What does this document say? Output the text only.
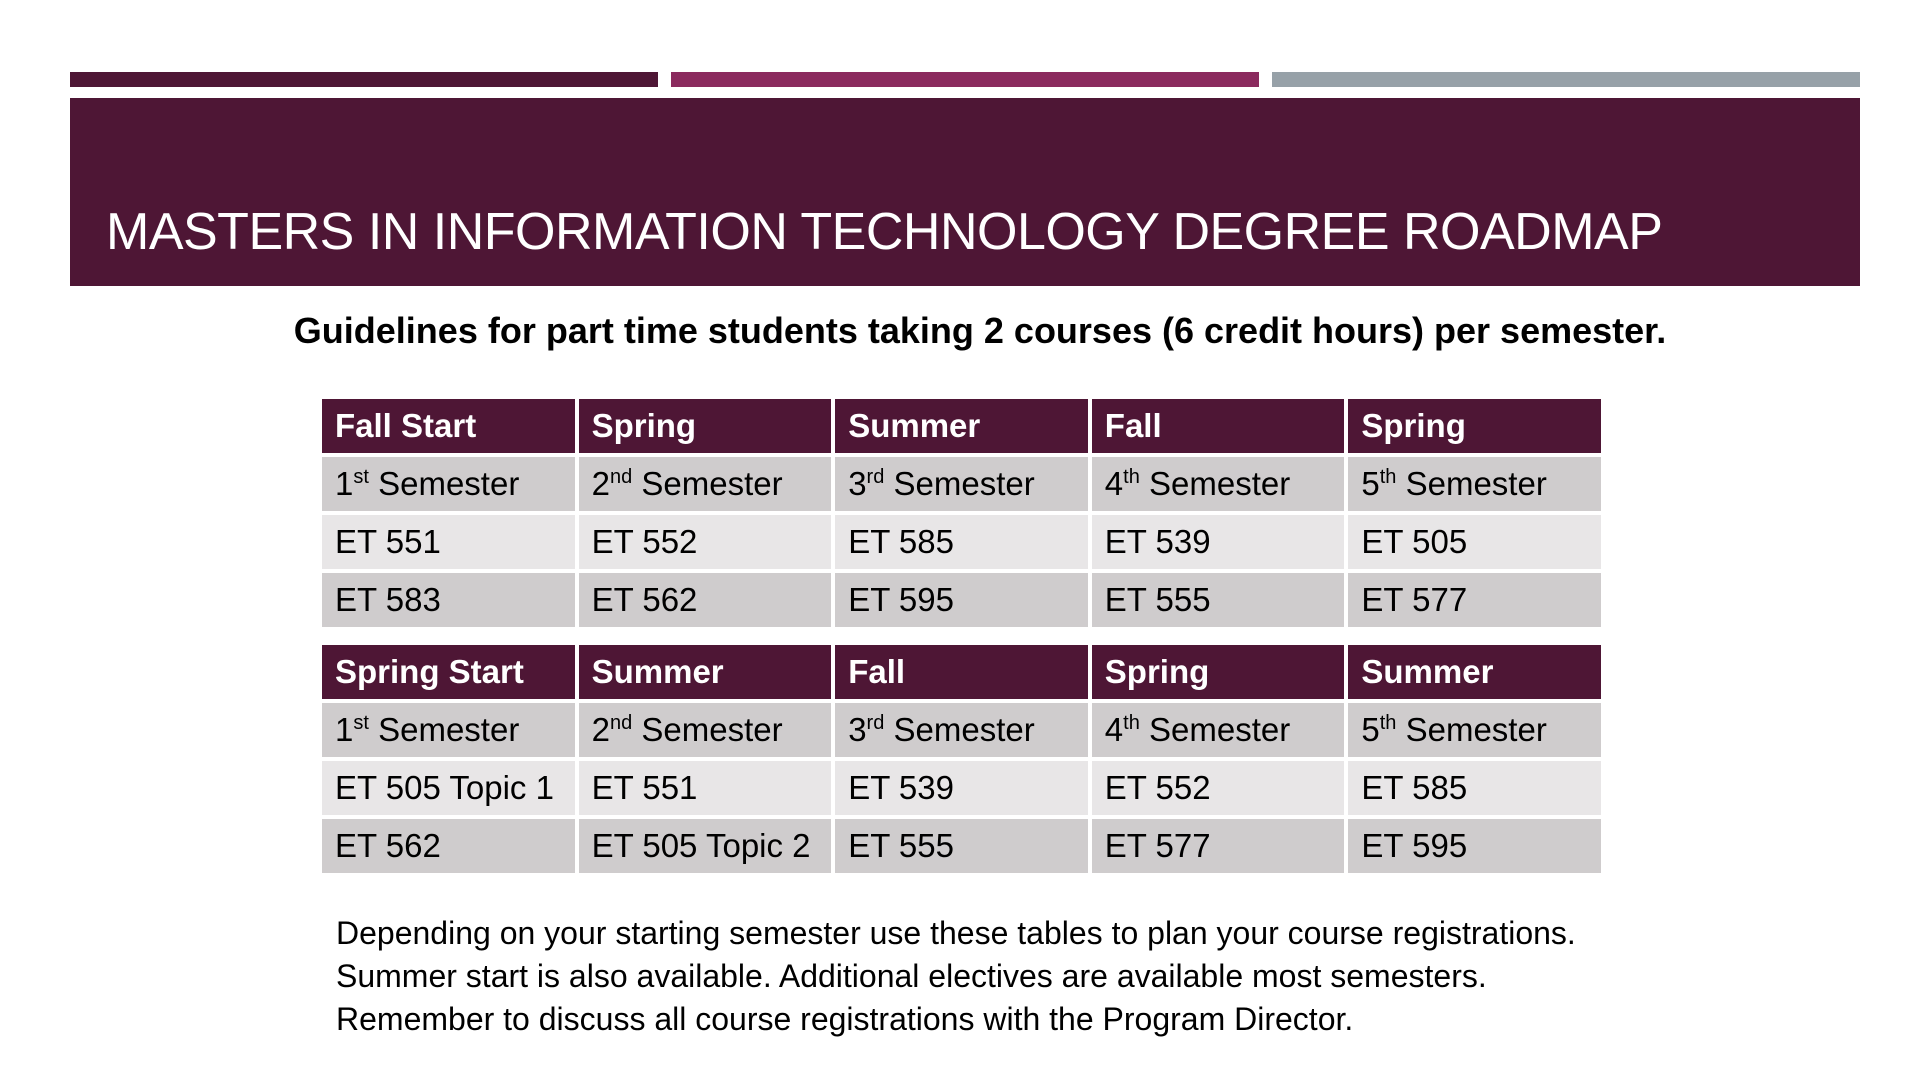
MASTERS IN INFORMATION TECHNOLOGY DEGREE ROADMAP

Guidelines for part time students taking 2 courses (6 credit hours) per semester.

Fall Start	Spring	Summer	Fall	Spring
1st Semester	2nd Semester	3rd Semester	4th Semester	5th Semester
ET 551	ET 552	ET 585	ET 539	ET 505
ET 583	ET 562	ET 595	ET 555	ET 577
Spring Start	Summer	Fall	Spring	Summer
1st Semester	2nd Semester	3rd Semester	4th Semester	5th Semester
ET 505 Topic 1	ET 551	ET 539	ET 552	ET 585
ET 562	ET 505 Topic 2	ET 555	ET 577	ET 595

Depending on your starting semester use these tables to plan your course registrations.

Summer start is also available. Additional electives are available most semesters.

Remember to discuss all course registrations with the Program Director.
